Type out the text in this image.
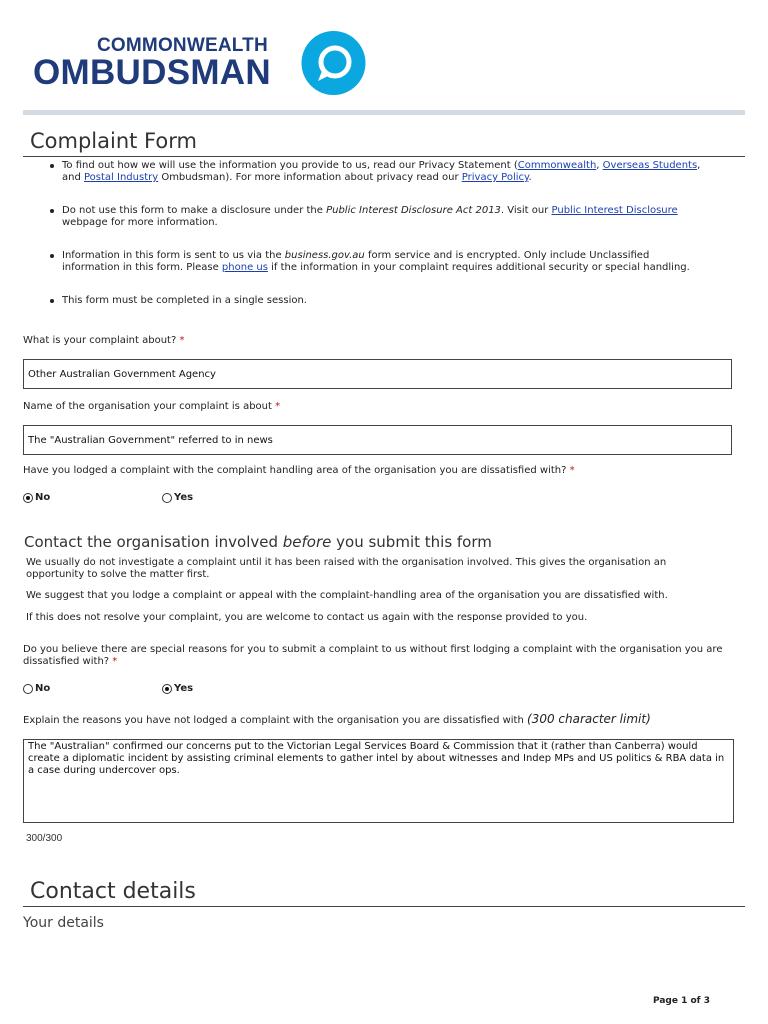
COMMONWEALTH
OMBUDSMAN
Complaint Form
To find out how we will use the information you provide to us, read our Privacy Statement (Commonwealth, Overseas Students,
and Postal Industry Ombudsman). For more information about privacy read our Privacy Policy.
Do not use this form to make a disclosure under the Public Interest Disclosure Act 2013. Visit our Public Interest Disclosure
webpage for more information.
Information in this form is sent to us via the business.gov.au form service and is encrypted. Only include Unclassified
information in this form. Please phone us if the information in your complaint requires additional security or special handling.
This form must be completed in a single session.
What is your complaint about? *
Other Australian Government Agency
Name of the organisation your complaint is about *
The "Australian Government" referred to in news
Have you lodged a complaint with the complaint handling area of the organisation you are dissatisfied with? *
No	Yes
Contact the organisation involved before you submit this form
We usually do not investigate a complaint until it has been raised with the organisation involved. This gives the organisation an opportunity to solve the matter first.
We suggest that you lodge a complaint or appeal with the complaint-handling area of the organisation you are dissatisfied with.
If this does not resolve your complaint, you are welcome to contact us again with the response provided to you.
Do you believe there are special reasons for you to submit a complaint to us without first lodging a complaint with the organisation you are dissatisfied with? *
No	Yes
Explain the reasons you have not lodged a complaint with the organisation you are dissatisfied with (300 character limit)
The "Australian" confirmed our concerns put to the Victorian Legal Services Board & Commission that it (rather than Canberra) would create a diplomatic incident by assisting criminal elements to gather intel by about witnesses and Indep MPs and US politics & RBA data in a case during undercover ops.
300/300
Contact details
Your details
Page 1 of 3
